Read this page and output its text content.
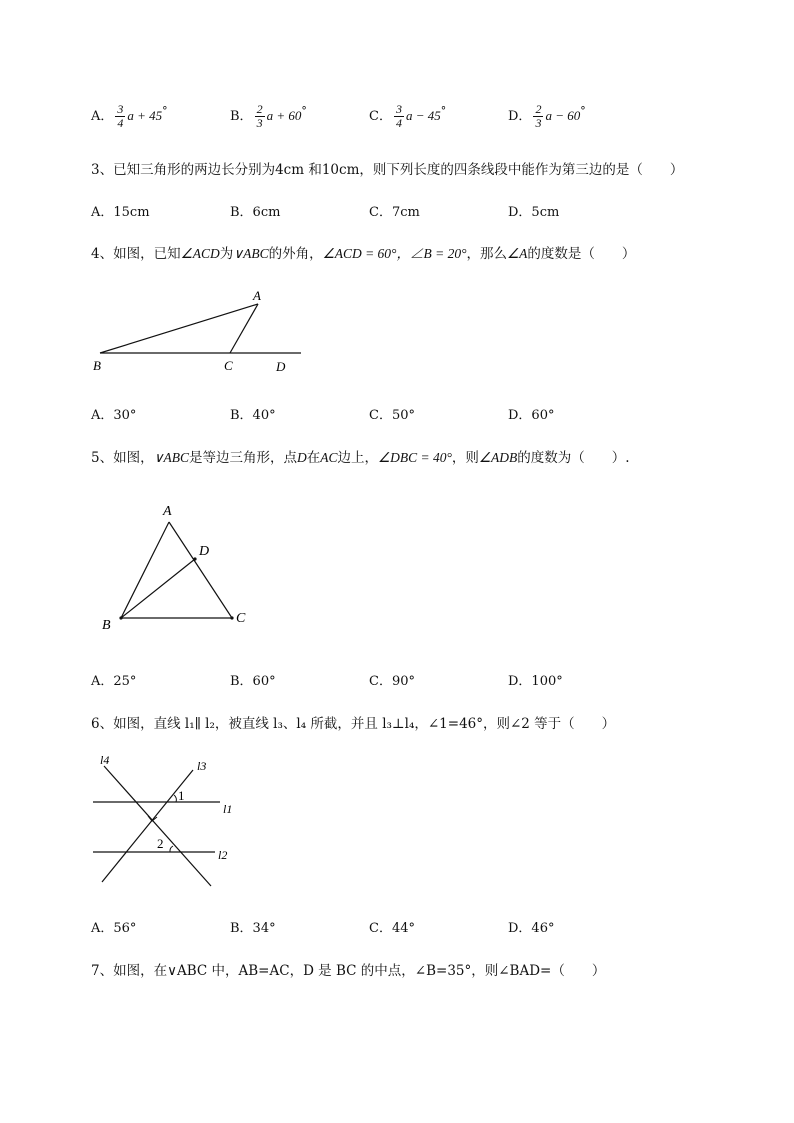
A． $\frac{3}{4}$ a + 45°	B． $\frac{2}{3}$ a + 60°	C． $\frac{3}{4}$ a − 45°	D． $\frac{2}{3}$ a − 60°
3、已知三角形的两边长分别为4cm 和10cm，则下列长度的四条线段中能作为第三边的是（　　）
A．15cm	B．6cm	C．7cm	D．5cm
4、如图，已知∠ACD为∨ABC的外角，∠ACD = 60°，∠B = 20°，那么∠A的度数是（　　）
A
B	C	D
A．30°	B．40°	C．50°	D．60°
5、如图，∨ABC是等边三角形，点D在AC边上，∠DBC = 40°，则∠ADB的度数为（　　）.
A
D
B	C
A．25°	B．60°	C．90°	D．100°
6、如图，直线 l₁∥ l₂，被直线 l₃、l₄ 所截，并且 l₃⊥l₄，∠1=46°，则∠2 等于（　　）
l4	l3
l1
l2
1
2
A．56°	B．34°	C．44°	D．46°
7、如图，在∨ABC 中，AB=AC，D 是 BC 的中点，∠B=35°，则∠BAD=（　　）
